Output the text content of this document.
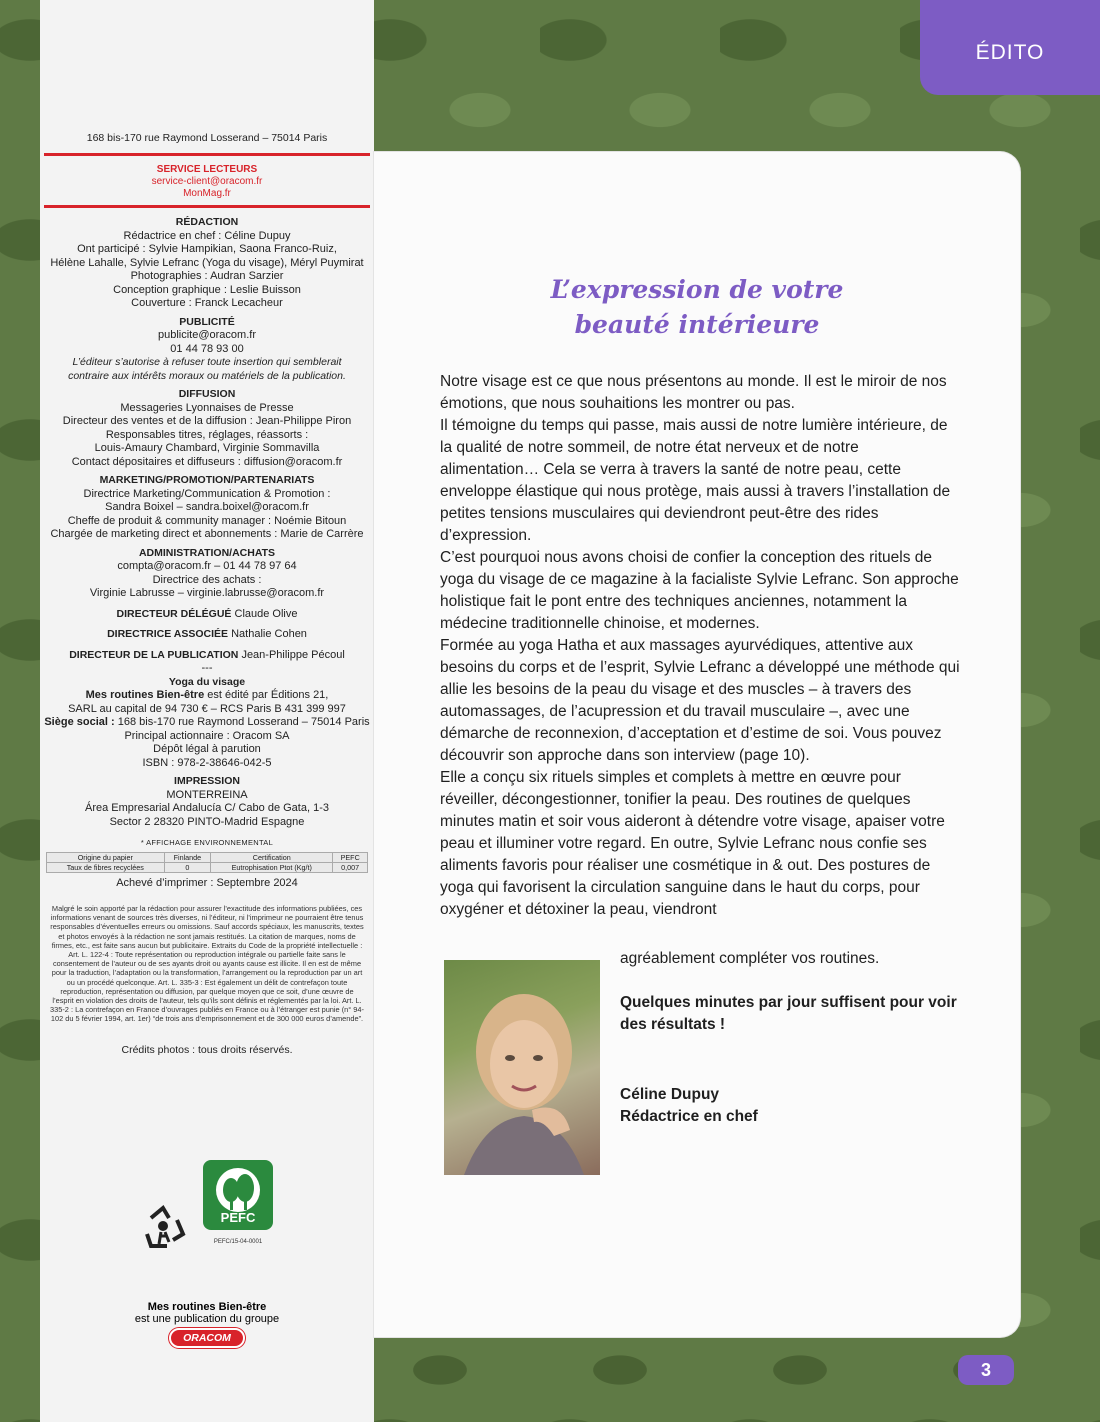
ÉDITO
168 bis-170 rue Raymond Losserand – 75014 Paris
SERVICE LECTEURS
service-client@oracom.fr
MonMag.fr
RÉDACTION
Rédactrice en chef : Céline Dupuy
Ont participé : Sylvie Hampikian, Saona Franco-Ruiz,
Hélène Lahalle, Sylvie Lefranc (Yoga du visage), Méryl Puymirat
Photographies : Audran Sarzier
Conception graphique : Leslie Buisson
Couverture : Franck Lecacheur
PUBLICITÉ
publicite@oracom.fr
01 44 78 93 00
L’éditeur s’autorise à refuser toute insertion qui semblerait
contraire aux intérêts moraux ou matériels de la publication.
DIFFUSION
Messageries Lyonnaises de Presse
Directeur des ventes et de la diffusion : Jean-Philippe Piron
Responsables titres, réglages, réassorts :
Louis-Amaury Chambard, Virginie Sommavilla
Contact dépositaires et diffuseurs : diffusion@oracom.fr
MARKETING/PROMOTION/PARTENARIATS
Directrice Marketing/Communication & Promotion :
Sandra Boixel – sandra.boixel@oracom.fr
Cheffe de produit & community manager : Noémie Bitoun
Chargée de marketing direct et abonnements : Marie de Carrère
ADMINISTRATION/ACHATS
compta@oracom.fr – 01 44 78 97 64
Directrice des achats :
Virginie Labrusse – virginie.labrusse@oracom.fr
DIRECTEUR DÉLÉGUÉ Claude Olive
DIRECTRICE ASSOCIÉE Nathalie Cohen
DIRECTEUR DE LA PUBLICATION Jean-Philippe Pécoul
---
Yoga du visage
Mes routines Bien-être est édité par Éditions 21,
SARL au capital de 94 730 € – RCS Paris B 431 399 997
Siège social : 168 bis-170 rue Raymond Losserand – 75014 Paris
Principal actionnaire : Oracom SA
Dépôt légal à parution
ISBN : 978-2-38646-042-5
IMPRESSION
MONTERREINA
Área Empresarial Andalucía C/ Cabo de Gata, 1-3
Sector 2 28320 PINTO-Madrid Espagne
* AFFICHAGE ENVIRONNEMENTAL
Origine du papier	Finlande	Certification	PEFC
Taux de fibres recyclées	0	Eutrophisation Ptot (Kg/t)	0,007
Achevé d’imprimer : Septembre 2024
Malgré le soin apporté par la rédaction pour assurer l’exactitude des informations publiées, ces informations venant de sources très diverses, ni l’éditeur, ni l’imprimeur ne pourraient être tenus responsables d’éventuelles erreurs ou omissions. Sauf accords spéciaux, les manuscrits, textes et photos envoyés à la rédaction ne sont jamais restitués. La citation de marques, noms de firmes, etc., est faite sans aucun but publicitaire. Extraits du Code de la propriété intellectuelle : Art. L. 122-4 : Toute représentation ou reproduction intégrale ou partielle faite sans le consentement de l’auteur ou de ses ayants droit ou ayants cause est illicite. Il en est de même pour la traduction, l’adaptation ou la transformation, l’arrangement ou la reproduction par un art ou un procédé quelconque. Art. L. 335-3 : Est également un délit de contrefaçon toute reproduction, représentation ou diffusion, par quelque moyen que ce soit, d’une œuvre de l’esprit en violation des droits de l’auteur, tels qu’ils sont définis et réglementés par la loi. Art. L. 335-2 : La contrefaçon en France d’ouvrages publiés en France ou à l’étranger est punie (n° 94-102 du 5 février 1994, art. 1er) “de trois ans d’emprisonnement et de 300 000 euros d’amende”.
Crédits photos : tous droits réservés.
PEFC
PEFC/15-04-0001
Mes routines Bien-être
est une publication du groupe
ORACOM
L’expression de votre
beauté intérieure

Notre visage est ce que nous présentons au monde. Il est le miroir de nos émotions, que nous souhaitions les montrer ou pas.

Il témoigne du temps qui passe, mais aussi de notre lumière intérieure, de la qualité de notre sommeil, de notre état nerveux et de notre alimentation… Cela se verra à travers la santé de notre peau, cette enveloppe élastique qui nous protège, mais aussi à travers l’installation de petites tensions musculaires qui deviendront peut-être des rides d’expression.

C’est pourquoi nous avons choisi de confier la conception des rituels de yoga du visage de ce magazine à la facialiste Sylvie Lefranc. Son approche holistique fait le pont entre des techniques anciennes, notamment la médecine traditionnelle chinoise, et modernes.

Formée au yoga Hatha et aux massages ayurvédiques, attentive aux besoins du corps et de l’esprit, Sylvie Lefranc a développé une méthode qui allie les besoins de la peau du visage et des muscles – à travers des automassages, de l’acupression et du travail musculaire –, avec une démarche de reconnexion, d’acceptation et d’estime de soi. Vous pouvez découvrir son approche dans son interview (page 10).

Elle a conçu six rituels simples et complets à mettre en œuvre pour réveiller, décongestionner, tonifier la peau. Des routines de quelques minutes matin et soir vous aideront à détendre votre visage, apaiser votre peau et illuminer votre regard. En outre, Sylvie Lefranc nous confie ses aliments favoris pour réaliser une cosmétique in & out. Des postures de yoga qui favorisent la circulation sanguine dans le haut du corps, pour oxygéner et détoxiner la peau, viendront

agréablement compléter vos routines.
Quelques minutes par jour suffisent pour voir des résultats !
Céline Dupuy
Rédactrice en chef
3
